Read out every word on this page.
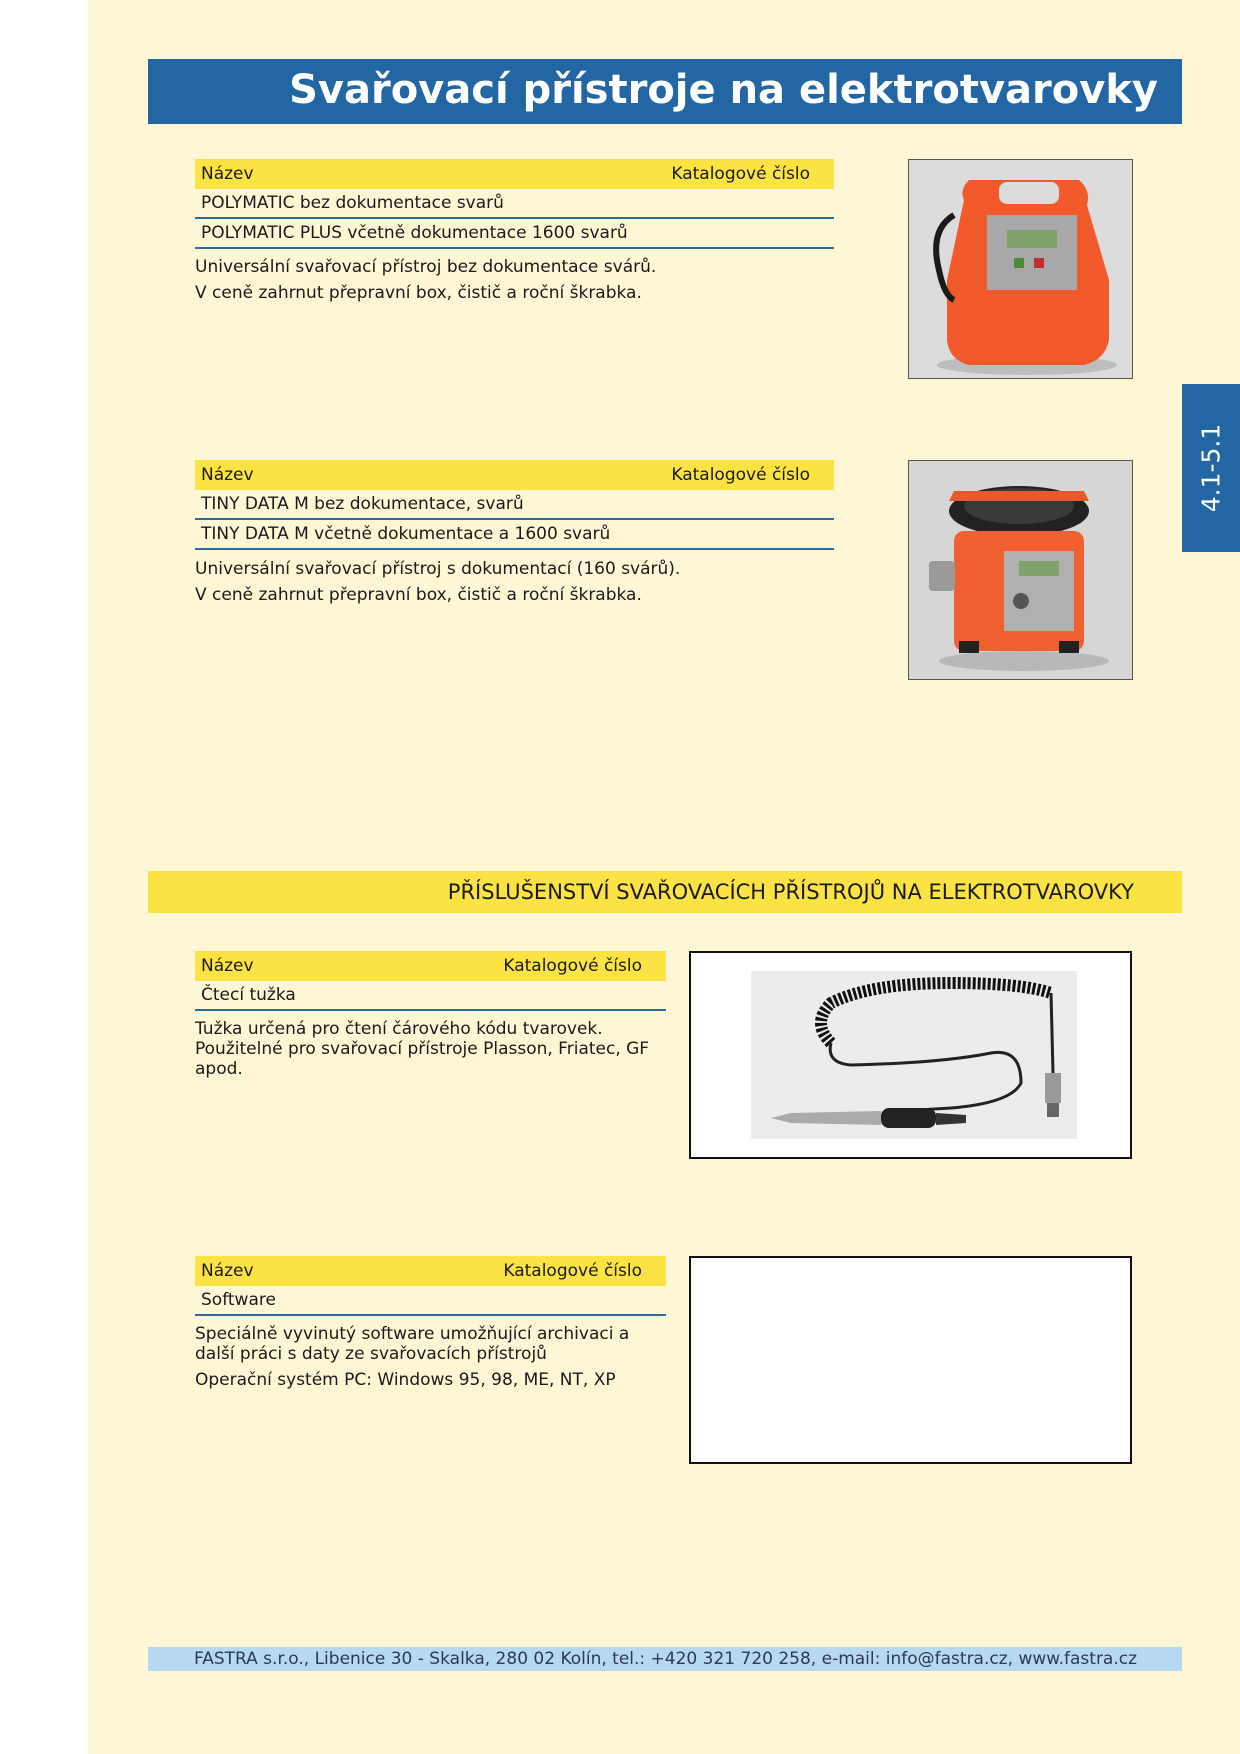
Svařovací přístroje na elektrotvarovky
4.1-5.1
Název	Katalogové číslo
POLYMATIC bez dokumentace svarů
POLYMATIC PLUS včetně dokumentace 1600 svarů
Universální svařovací přístroj bez dokumentace svárů.
V ceně zahrnut přepravní box, čistič a roční škrabka.
Název	Katalogové číslo
TINY DATA M bez dokumentace, svarů
TINY DATA M včetně dokumentace a 1600 svarů
Universální svařovací přístroj s dokumentací (160 svárů).
V ceně zahrnut přepravní box, čistič a roční škrabka.
PŘÍSLUŠENSTVÍ SVAŘOVACÍCH PŘÍSTROJŮ NA ELEKTROTVAROVKY
Název	Katalogové číslo
Čtecí tužka
Tužka určená pro čtení čárového kódu tvarovek.
Použitelné pro svařovací přístroje Plasson, Friatec, GF
apod.
Název	Katalogové číslo
Software
Speciálně vyvinutý software umožňující archivaci a
další práci s daty ze svařovacích přístrojů
Operační systém PC: Windows 95, 98, ME, NT, XP
FASTRA s.r.o., Libenice 30 - Skalka, 280 02 Kolín, tel.: +420 321 720 258, e-mail: info@fastra.cz, www.fastra.cz
